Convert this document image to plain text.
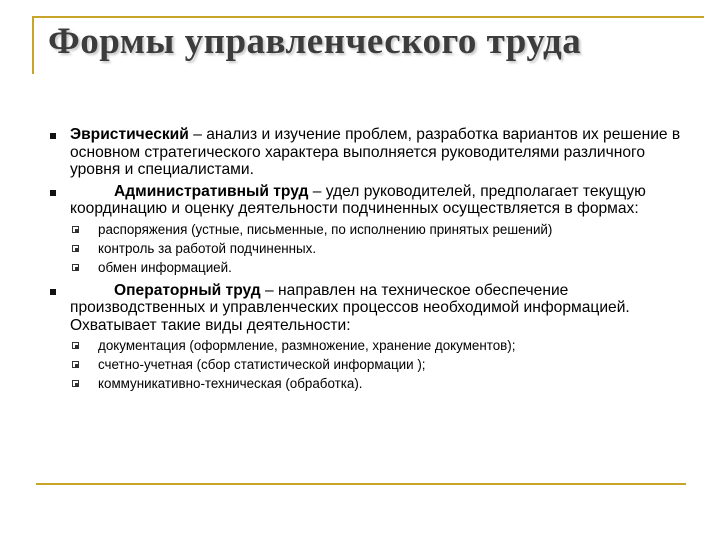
Формы управленческого труда
Эвристический – анализ и изучение проблем, разработка вариантов их решение в основном стратегического характера выполняется руководителями различного уровня и специалистами.
Административный труд – удел руководителей, предполагает текущую координацию и оценку деятельности подчиненных осуществляется в формах:
распоряжения (устные, письменные, по исполнению принятых решений)
контроль за работой подчиненных.
обмен информацией.
Операторный труд – направлен на техническое обеспечение производственных и управленческих процессов необходимой информацией. Охватывает такие виды деятельности:
документация (оформление, размножение, хранение документов);
счетно-учетная (сбор статистической информации );
коммуникативно-техническая (обработка).
